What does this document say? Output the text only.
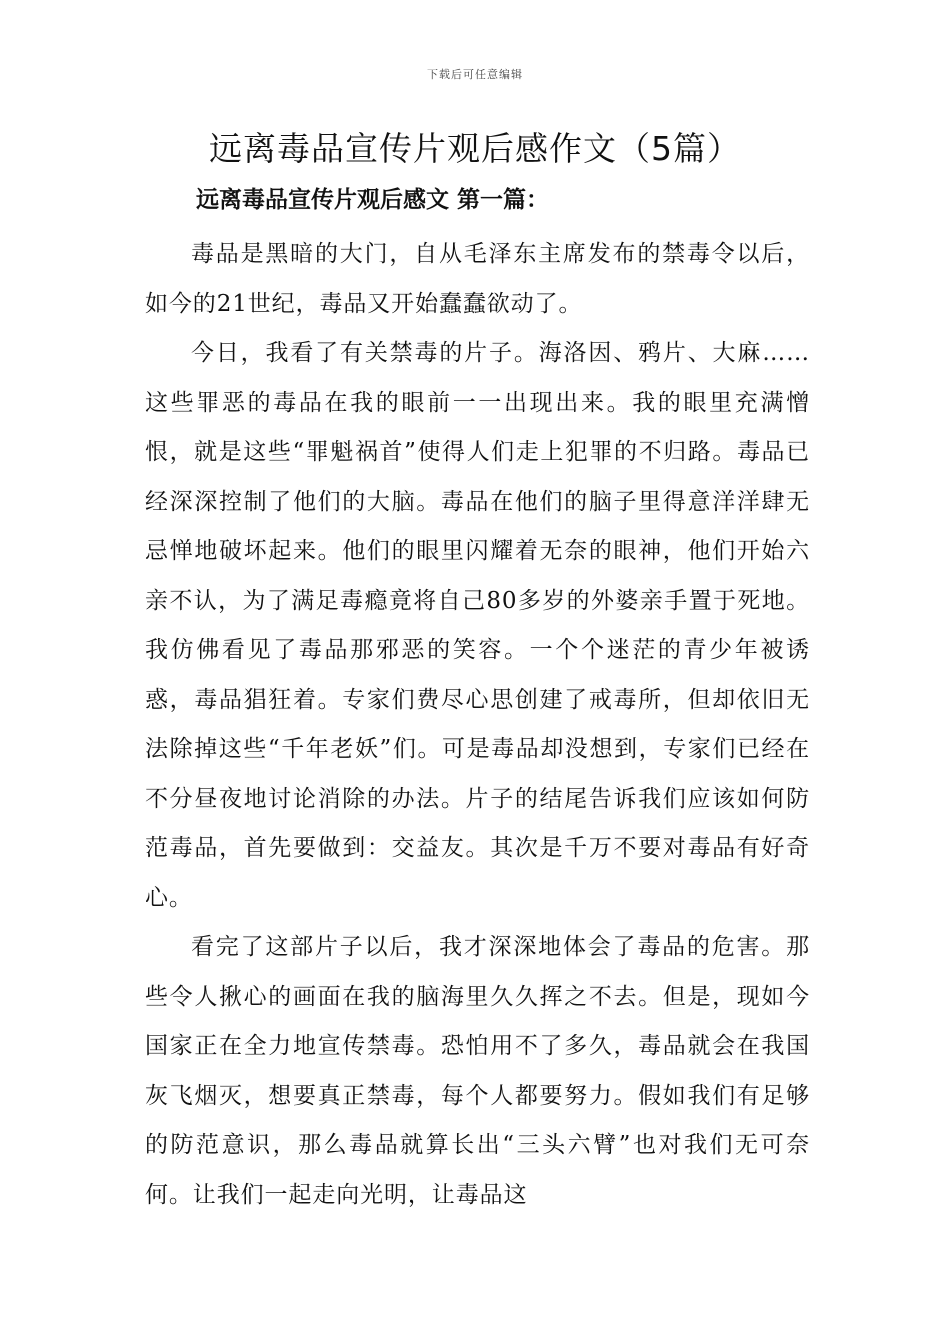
下载后可任意编辑
远离毒品宣传片观后感作文（5篇）
远离毒品宣传片观后感文 第一篇：

毒品是黑暗的大门，自从毛泽东主席发布的禁毒令以后，如今的21世纪，毒品又开始蠢蠢欲动了。

今日，我看了有关禁毒的片子。海洛因、鸦片、大麻……这些罪恶的毒品在我的眼前一一出现出来。我的眼里充满憎恨，就是这些“罪魁祸首”使得人们走上犯罪的不归路。毒品已经深深控制了他们的大脑。毒品在他们的脑子里得意洋洋肆无忌惮地破坏起来。他们的眼里闪耀着无奈的眼神，他们开始六亲不认，为了满足毒瘾竟将自己80多岁的外婆亲手置于死地。我仿佛看见了毒品那邪恶的笑容。一个个迷茫的青少年被诱惑，毒品猖狂着。专家们费尽心思创建了戒毒所，但却依旧无法除掉这些“千年老妖”们。可是毒品却没想到，专家们已经在不分昼夜地讨论消除的办法。片子的结尾告诉我们应该如何防范毒品，首先要做到：交益友。其次是千万不要对毒品有好奇心。

看完了这部片子以后，我才深深地体会了毒品的危害。那些令人揪心的画面在我的脑海里久久挥之不去。但是，现如今国家正在全力地宣传禁毒。恐怕用不了多久，毒品就会在我国灰飞烟灭，想要真正禁毒，每个人都要努力。假如我们有足够的防范意识，那么毒品就算长出“三头六臂”也对我们无可奈何。让我们一起走向光明，让毒品这
